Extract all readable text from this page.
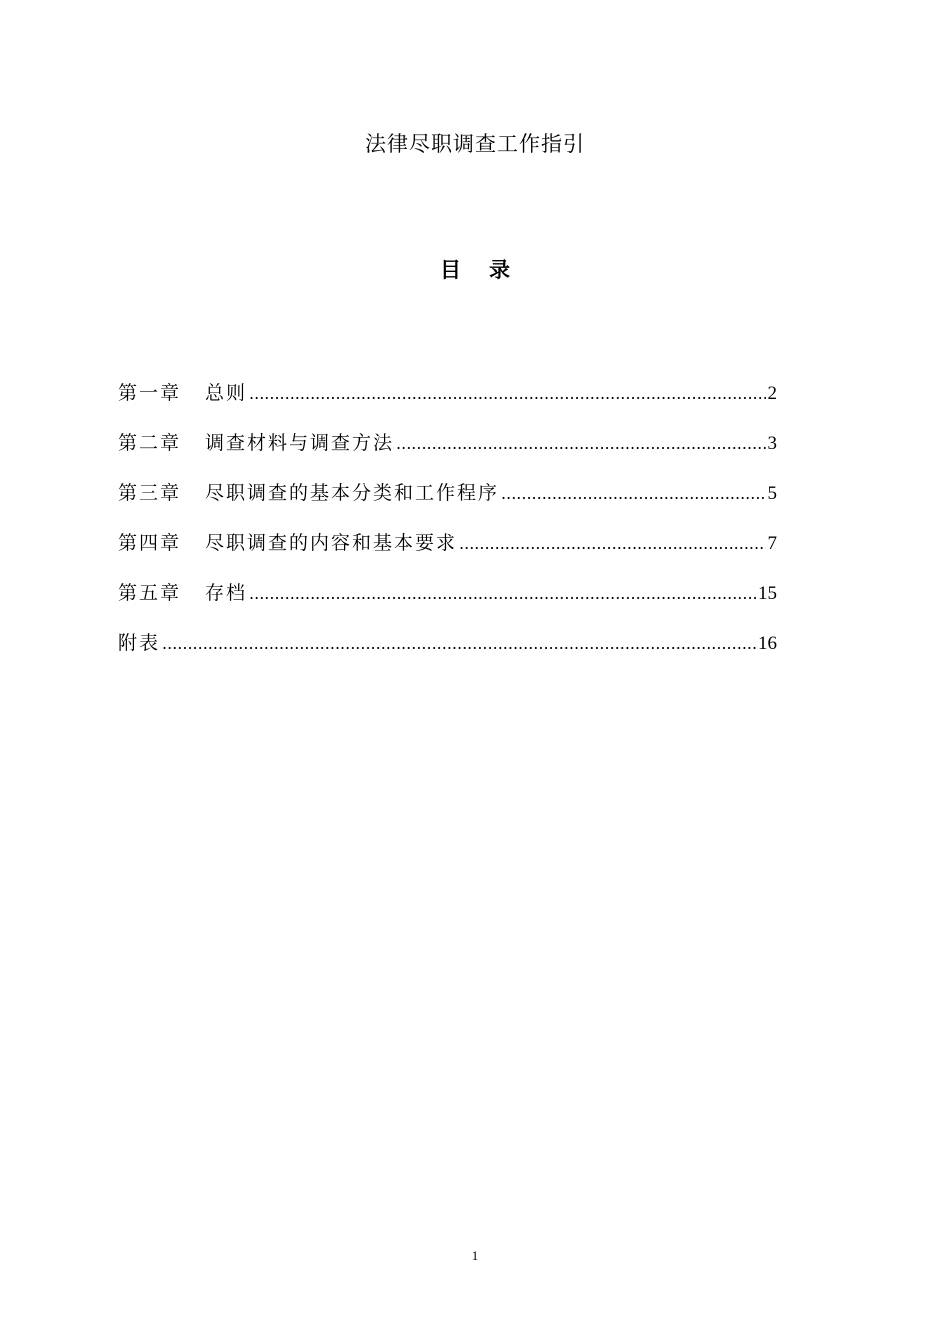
法律尽职调查工作指引
目 录
第一章 总则 .....	2
第二章 调查材料与调查方法 .....	3
第三章 尽职调查的基本分类和工作程序 .....	5
第四章 尽职调查的内容和基本要求 .....	7
第五章 存档 .....	15
附表 .....	16
1
